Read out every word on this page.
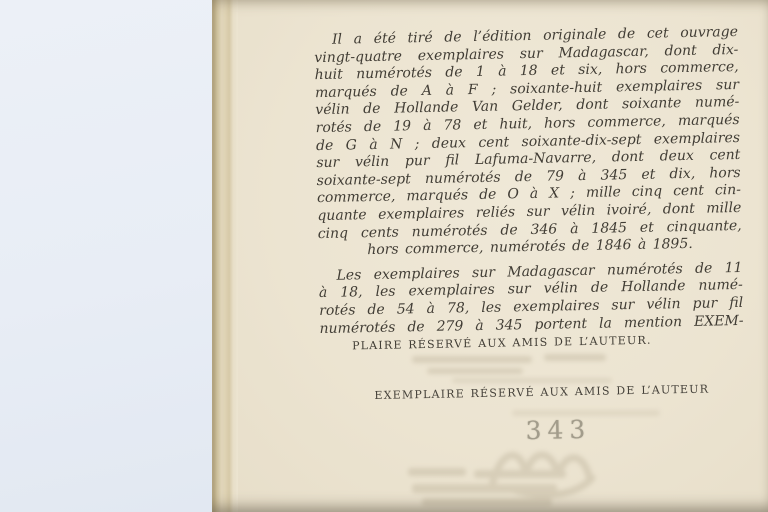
Il a été tiré de l’édition originale de cet ouvrage
vingt-quatre exemplaires sur Madagascar, dont dix-
huit numérotés de 1 à 18 et six, hors commerce,
marqués de A à F ; soixante-huit exemplaires sur
vélin de Hollande Van Gelder, dont soixante numé-
rotés de 19 à 78 et huit, hors commerce, marqués
de G à N ; deux cent soixante-dix-sept exemplaires
sur vélin pur fil Lafuma-Navarre, dont deux cent
soixante-sept numérotés de 79 à 345 et dix, hors
commerce, marqués de O à X ; mille cinq cent cin-
quante exemplaires reliés sur vélin ivoiré, dont mille
cinq cents numérotés de 346 à 1845 et cinquante,
hors commerce, numérotés de 1846 à 1895.
Les exemplaires sur Madagascar numérotés de 11
à 18, les exemplaires sur vélin de Hollande numé-
rotés de 54 à 78, les exemplaires sur vélin pur fil
numérotés de 279 à 345 portent la mention EXEM-
PLAIRE RÉSERVÉ AUX AMIS DE L’AUTEUR.
EXEMPLAIRE RÉSERVÉ AUX AMIS DE L’AUTEUR
343
